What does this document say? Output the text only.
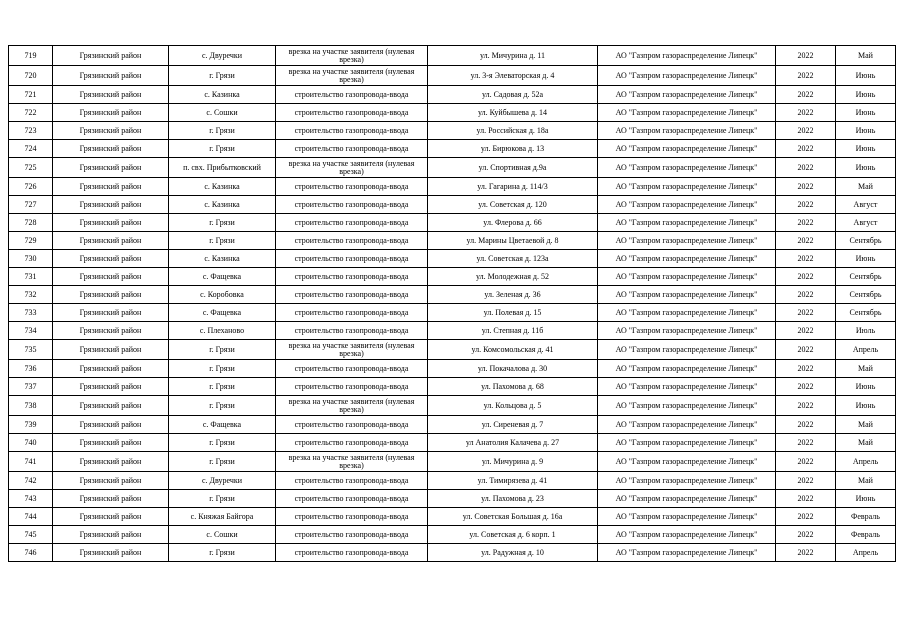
719	Грязинский район	с. Двуречки	врезка на участке заявителя (нулевая врезка)	ул. Мичурина д. 11	АО "Газпром газораспределение Липецк"	2022	Май
720	Грязинский район	г. Грязи	врезка на участке заявителя (нулевая врезка)	ул. 3-я Элеваторская д. 4	АО "Газпром газораспределение Липецк"	2022	Июнь
721	Грязинский район	с. Казинка	строительство газопровода-ввода	ул. Садовая д. 52а	АО "Газпром газораспределение Липецк"	2022	Июнь
722	Грязинский район	с. Сошки	строительство газопровода-ввода	ул. Куйбышева д. 14	АО "Газпром газораспределение Липецк"	2022	Июнь
723	Грязинский район	г. Грязи	строительство газопровода-ввода	ул. Российская д. 18а	АО "Газпром газораспределение Липецк"	2022	Июнь
724	Грязинский район	г. Грязи	строительство газопровода-ввода	ул. Бирюкова д. 13	АО "Газпром газораспределение Липецк"	2022	Июнь
725	Грязинский район	п. свх. Прибытковский	врезка на участке заявителя (нулевая врезка)	ул. Спортивная д.9а	АО "Газпром газораспределение Липецк"	2022	Июнь
726	Грязинский район	с. Казинка	строительство газопровода-ввода	ул. Гагарина д. 114/3	АО "Газпром газораспределение Липецк"	2022	Май
727	Грязинский район	с. Казинка	строительство газопровода-ввода	ул. Советская д. 120	АО "Газпром газораспределение Липецк"	2022	Август
728	Грязинский район	г. Грязи	строительство газопровода-ввода	ул. Флерова д. 66	АО "Газпром газораспределение Липецк"	2022	Август
729	Грязинский район	г. Грязи	строительство газопровода-ввода	ул. Марины Цветаевой д. 8	АО "Газпром газораспределение Липецк"	2022	Сентябрь
730	Грязинский район	с. Казинка	строительство газопровода-ввода	ул. Советская д. 123а	АО "Газпром газораспределение Липецк"	2022	Июнь
731	Грязинский район	с. Фащевка	строительство газопровода-ввода	ул. Молодежная д. 52	АО "Газпром газораспределение Липецк"	2022	Сентябрь
732	Грязинский район	с. Коробовка	строительство газопровода-ввода	ул. Зеленая д. 36	АО "Газпром газораспределение Липецк"	2022	Сентябрь
733	Грязинский район	с. Фащевка	строительство газопровода-ввода	ул. Полевая д. 15	АО "Газпром газораспределение Липецк"	2022	Сентябрь
734	Грязинский район	с. Плеханово	строительство газопровода-ввода	ул. Степная д. 11б	АО "Газпром газораспределение Липецк"	2022	Июль
735	Грязинский район	г. Грязи	врезка на участке заявителя (нулевая врезка)	ул. Комсомольская д. 41	АО "Газпром газораспределение Липецк"	2022	Апрель
736	Грязинский район	г. Грязи	строительство газопровода-ввода	ул. Покачалова д. 30	АО "Газпром газораспределение Липецк"	2022	Май
737	Грязинский район	г. Грязи	строительство газопровода-ввода	ул. Пахомова д. 68	АО "Газпром газораспределение Липецк"	2022	Июнь
738	Грязинский район	г. Грязи	врезка на участке заявителя (нулевая врезка)	ул. Кольцова д. 5	АО "Газпром газораспределение Липецк"	2022	Июнь
739	Грязинский район	с. Фащевка	строительство газопровода-ввода	ул. Сиреневая д. 7	АО "Газпром газораспределение Липецк"	2022	Май
740	Грязинский район	г. Грязи	строительство газопровода-ввода	ул Анатолия Калачева д. 27	АО "Газпром газораспределение Липецк"	2022	Май
741	Грязинский район	г. Грязи	врезка на участке заявителя (нулевая врезка)	ул. Мичурина д. 9	АО "Газпром газораспределение Липецк"	2022	Апрель
742	Грязинский район	с. Двуречки	строительство газопровода-ввода	ул. Тимирязева д. 41	АО "Газпром газораспределение Липецк"	2022	Май
743	Грязинский район	г. Грязи	строительство газопровода-ввода	ул. Пахомова д. 23	АО "Газпром газораспределение Липецк"	2022	Июнь
744	Грязинский район	с. Княжая Байгора	строительство газопровода-ввода	ул. Советская Большая д. 16а	АО "Газпром газораспределение Липецк"	2022	Февраль
745	Грязинский район	с. Сошки	строительство газопровода-ввода	ул. Советская д. 6 корп. 1	АО "Газпром газораспределение Липецк"	2022	Февраль
746	Грязинский район	г. Грязи	строительство газопровода-ввода	ул. Радужная д. 10	АО "Газпром газораспределение Липецк"	2022	Апрель
